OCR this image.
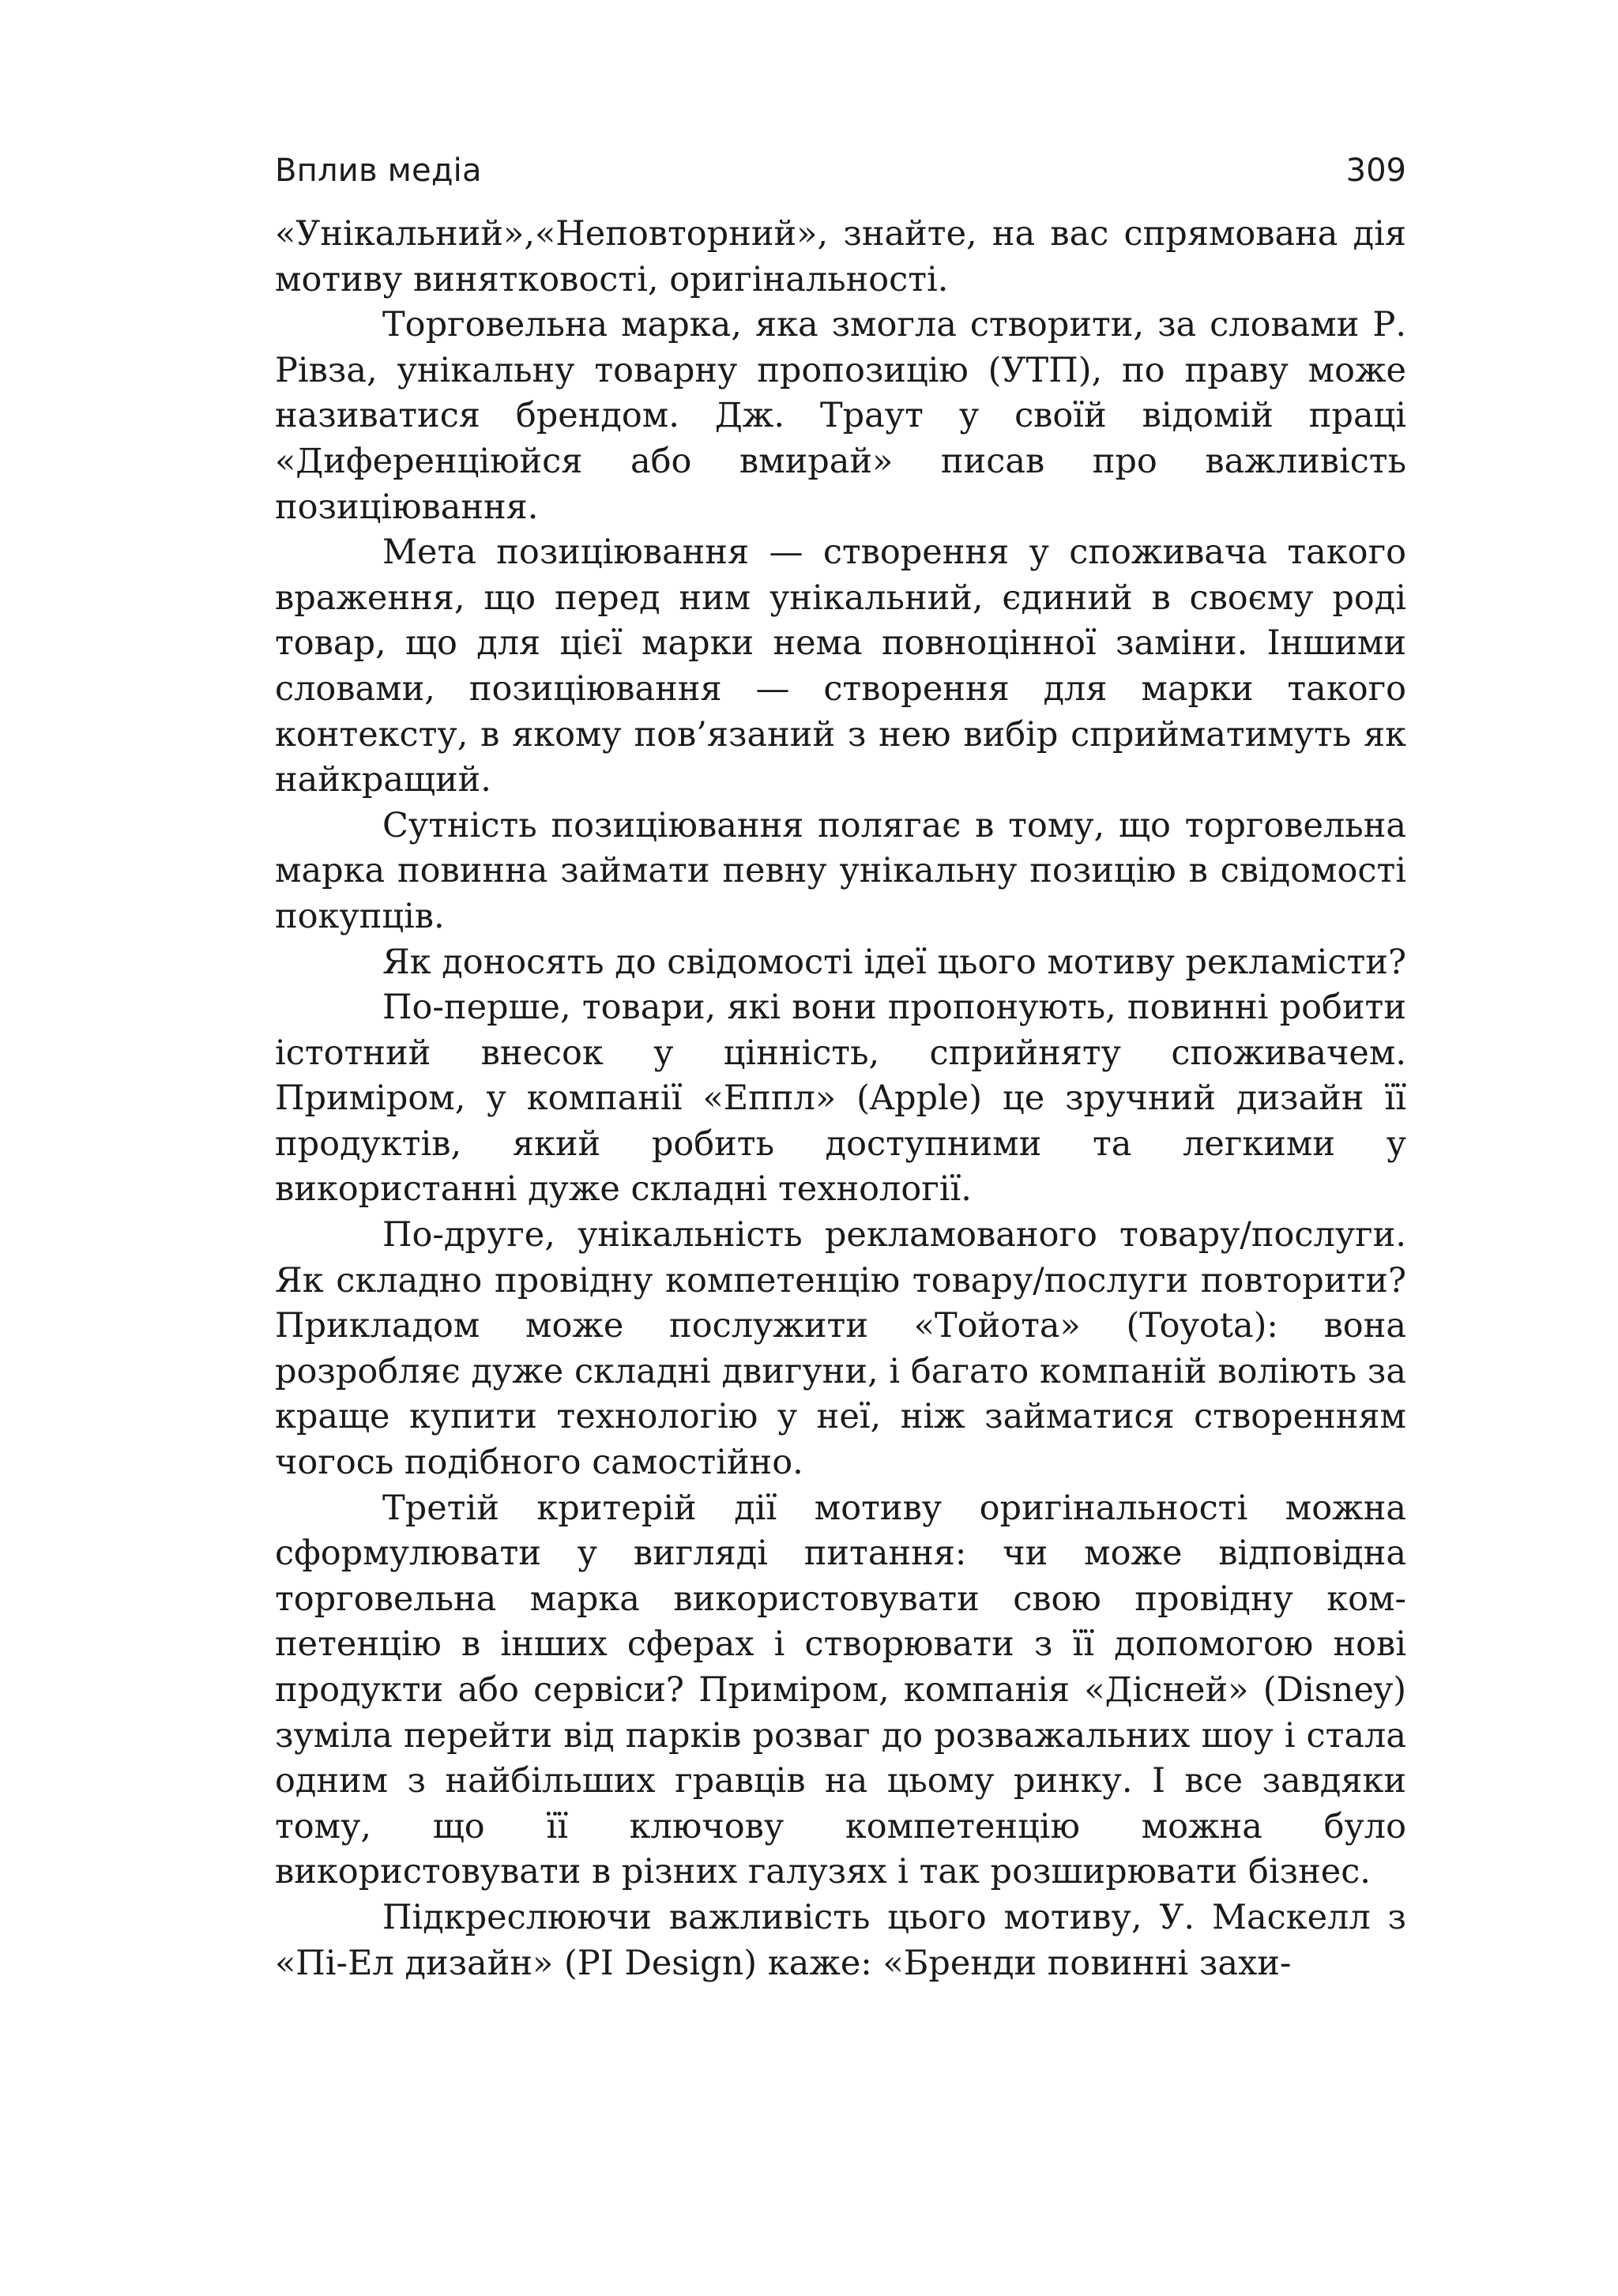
Вплив медіа	309

«Унікальний»,«Неповторний», знайте, на вас спрямована дія мотиву винятковості, оригінальності.

Торговельна марка, яка змогла створити, за словами Р. Рівза, унікальну товарну пропозицію (УТП), по праву може називатися брендом. Дж. Траут у своїй відомій праці «Диференціюйся або вмирай» писав про важливість позиціювання.

Мета позиціювання — створення у споживача такого враження, що перед ним унікальний, єдиний в своєму роді товар, що для цієї марки нема повноцінної заміни. Іншими словами, позиціювання — створення для марки такого контексту, в якому пов’язаний з нею вибір сприйматимуть як найкращий.

Сутність позиціювання полягає в тому, що торговельна марка повинна займати певну унікальну позицію в свідомості покупців.

Як доносять до свідомості ідеї цього мотиву рекламісти?

По-перше, товари, які вони пропонують, повинні робити істотний внесок у цінність, сприйняту споживачем. Приміром, у компанії «Еппл» (Apple) це зручний дизайн її продуктів, який робить доступними та легкими у використанні дуже складні технології.

По-друге, унікальність рекламованого товару/послуги. Як складно провідну компетенцію товару/послуги повторити? Прикладом може послужити «Тойота» (Toyota): вона розробляє дуже складні двигуни, і багато компаній воліють за краще купити технологію у неї, ніж займатися створенням чогось подібного самостійно.

Третій критерій дії мотиву оригінальності можна сформулювати у вигляді питання: чи може відповідна торговельна марка використовувати свою провідну компетенцію в інших сферах і створювати з її допомогою нові продукти або сервіси? Приміром, компанія «Дісней» (Disney) зуміла перейти від парків розваг до розважальних шоу і стала одним з найбільших гравців на цьому ринку. І все завдяки тому, що її ключову компетенцію можна було використовувати в різних галузях і так розширювати бізнес.

Підкреслюючи важливість цього мотиву, У. Маскелл з «Пі-Ел дизайн» (PI Design) каже: «Бренди повинні захи-
